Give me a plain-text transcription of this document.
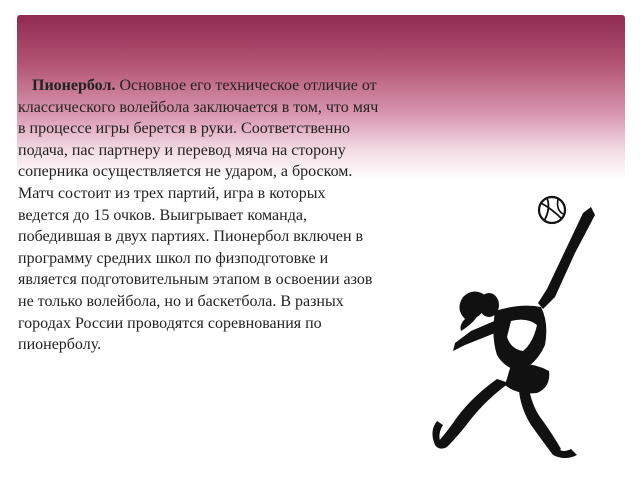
Пионербол. Основное его техническое отличие от классического волейбола заключается в том, что мяч в процессе игры берется в руки. Соответственно подача, пас партнеру и перевод мяча на сторону соперника осуществляется не ударом, а броском. Матч состоит из трех партий, игра в которых ведется до 15 очков. Выигрывает команда, победившая в двух партиях. Пионербол включен в программу средних школ по физподготовке и является подготовительным этапом в освоении азов не только волейбола, но и баскетбола. В разных городах России проводятся соревнования по пионерболу.
